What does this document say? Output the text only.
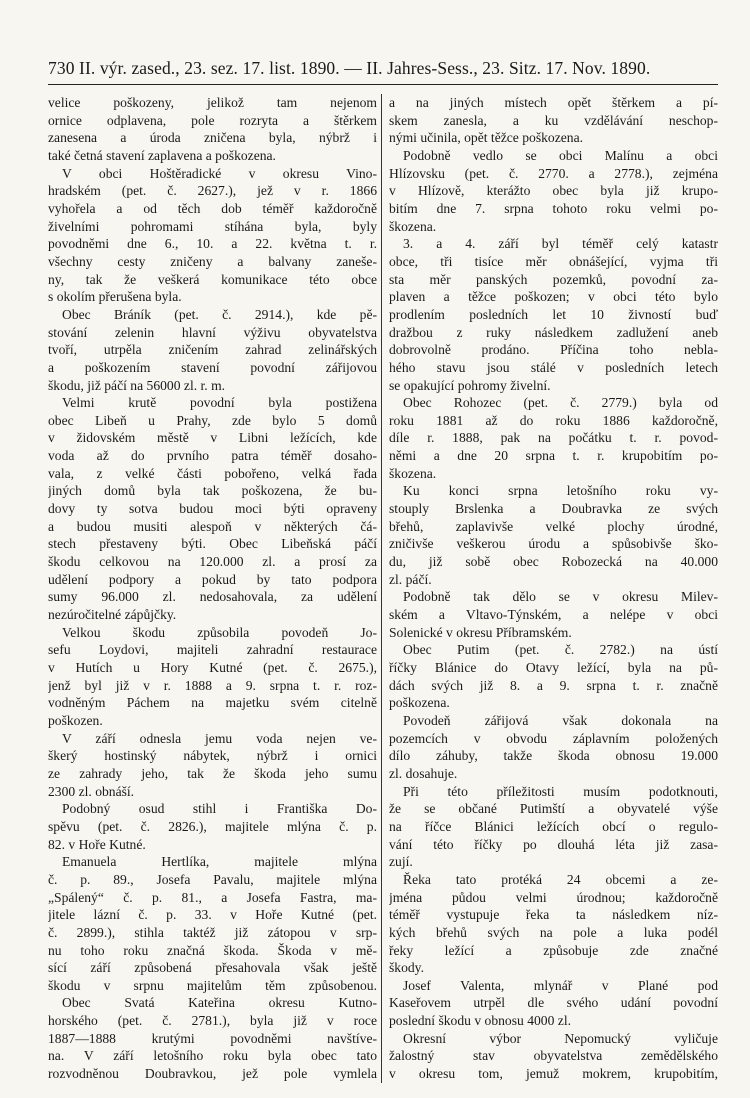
730 II. výr. zased., 23. sez. 17. list. 1890. — II. Jahres-Sess., 23. Sitz. 17. Nov. 1890.
velice poškozeny, jelikož tam nejenom
ornice odplavena, pole rozryta a štěrkem
zanesena a úroda zničena byla, nýbrž i
také četná stavení zaplavena a poškozena.
V obci Hoštěradické v okresu Vino-
hradském (pet. č. 2627.), jež v r. 1866
vyhořela a od těch dob téměř každoročně
živelními pohromami stíhána byla, byly
povodněmi dne 6., 10. a 22. května t. r.
všechny cesty zničeny a balvany zaneše-
ny, tak že veškerá komunikace této obce
s okolím přerušena byla.
Obec Bráník (pet. č. 2914.), kde pě-
stování zelenin hlavní výživu obyvatelstva
tvoří, utrpěla zničením zahrad zelinářských
a poškozením stavení povodní zářijovou
škodu, již páčí na 56000 zl. r. m.
Velmi krutě povodní byla postižena
obec Libeň u Prahy, zde bylo 5 domů
v židovském městě v Libni ležících, kde
voda až do prvního patra téměř dosaho-
vala, z velké části pobořeno, velká řada
jiných domů byla tak poškozena, že bu-
dovy ty sotva budou moci býti opraveny
a budou musiti alespoň v některých čá-
stech přestaveny býti. Obec Libeňská páčí
škodu celkovou na 120.000 zl. a prosí za
udělení podpory a pokud by tato podpora
sumy 96.000 zl. nedosahovala, za udělení
nezúročitelné zápůjčky.
Velkou škodu způsobila povodeň Jo-
sefu Loydovi, majiteli zahradní restaurace
v Hutích u Hory Kutné (pet. č. 2675.),
jenž byl již v r. 1888 a 9. srpna t. r. roz-
vodněným Páchem na majetku svém citelně
poškozen.
V září odnesla jemu voda nejen ve-
škerý hostinský nábytek, nýbrž i ornici
ze zahrady jeho, tak že škoda jeho sumu
2300 zl. obnáší.
Podobný osud stihl i Františka Do-
spěvu (pet. č. 2826.), majitele mlýna č. p.
82. v Hoře Kutné.
Emanuela Hertlíka, majitele mlýna
č. p. 89., Josefa Pavalu, majitele mlýna
„Spálený“ č. p. 81., a Josefa Fastra, ma-
jitele lázní č. p. 33. v Hoře Kutné (pet.
č. 2899.), stihla taktéž již zátopou v srp-
nu toho roku značná škoda. Škoda v mě-
sící září způsobená přesahovala však ještě
škodu v srpnu majitelům těm způsobenou.
Obec Svatá Kateřina okresu Kutno-
horského (pet. č. 2781.), byla již v roce
1887—1888 krutými povodněmi navštíve-
na. V září letošního roku byla obec tato
rozvodněnou Doubravkou, jež pole vymlela
a na jiných místech opět štěrkem a pí-
skem zanesla, a ku vzdělávání neschop-
nými učinila, opět těžce poškozena.
Podobně vedlo se obci Malínu a obci
Hlízovsku (pet. č. 2770. a 2778.), zejména
v Hlízově, kterážto obec byla již krupo-
bitím dne 7. srpna tohoto roku velmi po-
škozena.
3. a 4. září byl téměř celý katastr
obce, tři tisíce měr obnášející, vyjma tři
sta měr panských pozemků, povodní za-
plaven a těžce poškozen; v obci této bylo
prodlením posledních let 10 živností buď
dražbou z ruky následkem zadlužení aneb
dobrovolně prodáno. Příčina toho nebla-
hého stavu jsou stálé v posledních letech
se opakující pohromy živelní.
Obec Rohozec (pet. č. 2779.) byla od
roku 1881 až do roku 1886 každoročně,
díle r. 1888, pak na počátku t. r. povod-
němi a dne 20 srpna t. r. krupobitím po-
škozena.
Ku konci srpna letošního roku vy-
stouply Brslenka a Doubravka ze svých
břehů, zaplavivše velké plochy úrodné,
zničivše veškerou úrodu a spůsobivše ško-
du, již sobě obec Robozecká na 40.000
zl. páčí.
Podobně tak dělo se v okresu Milev-
ském a Vltavo-Týnském, a nelépe v obci
Solenické v okresu Příbramském.
Obec Putim (pet. č. 2782.) na ústí
říčky Blánice do Otavy ležící, byla na pů-
dách svých již 8. a 9. srpna t. r. značně
poškozena.
Povodeň zářijová však dokonala na
pozemcích v obvodu záplavním položených
dílo záhuby, takže škoda obnosu 19.000
zl. dosahuje.
Při této příležitosti musím podotknouti,
že se občané Putimští a obyvatelé výše
na říčce Blánici ležících obcí o regulo-
vání této říčky po dlouhá léta již zasa-
zují.
Řeka tato protéká 24 obcemi a ze-
jména půdou velmi úrodnou; každoročně
téměř vystupuje řeka ta následkem níz-
kých břehů svých na pole a luka podél
řeky ležící a způsobuje zde značné
škody.
Josef Valenta, mlynář v Plané pod
Kaseřovem utrpěl dle svého udání povodní
poslední škodu v obnosu 4000 zl.
Okresní výbor Nepomucký vyličuje
žalostný stav obyvatelstva zemědělského
v okresu tom, jemuž mokrem, krupobitím,
